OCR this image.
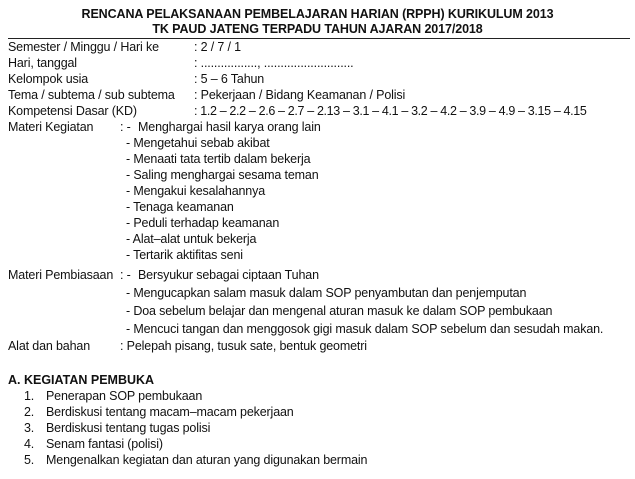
RENCANA PELAKSANAAN PEMBELAJARAN HARIAN (RPPH) KURIKULUM 2013
TK PAUD JATENG TERPADU TAHUN AJARAN 2017/2018
Semester / Minggu / Hari ke	: 2 / 7 / 1
Hari, tanggal	: ................., ...........................
Kelompok usia	: 5 – 6 Tahun
Tema / subtema / sub subtema : Pekerjaan / Bidang Keamanan / Polisi
Kompetensi Dasar (KD)	: 1.2 – 2.2 – 2.6 – 2.7 – 2.13 – 3.1 – 4.1 – 3.2 – 4.2 – 3.9 – 4.9 – 3.15 – 4.15
Materi Kegiatan : - Menghargai hasil karya orang lain
- Mengetahui sebab akibat
- Menaati tata tertib dalam bekerja
- Saling menghargai sesama teman
- Mengakui kesalahannya
- Tenaga keamanan
- Peduli terhadap keamanan
- Alat–alat untuk bekerja
- Tertarik aktifitas seni
Materi Pembiasaan : - Bersyukur sebagai ciptaan Tuhan
- Mengucapkan salam masuk dalam SOP penyambutan dan penjemputan
- Doa sebelum belajar dan mengenal aturan masuk ke dalam SOP pembukaan
- Mencuci tangan dan menggosok gigi masuk dalam SOP sebelum dan sesudah makan.
Alat dan bahan : Pelepah pisang, tusuk sate, bentuk geometri
A. KEGIATAN PEMBUKA
1. Penerapan SOP pembukaan
2. Berdiskusi tentang macam–macam pekerjaan
3. Berdiskusi tentang tugas polisi
4. Senam fantasi (polisi)
5. Mengenalkan kegiatan dan aturan yang digunakan bermain
